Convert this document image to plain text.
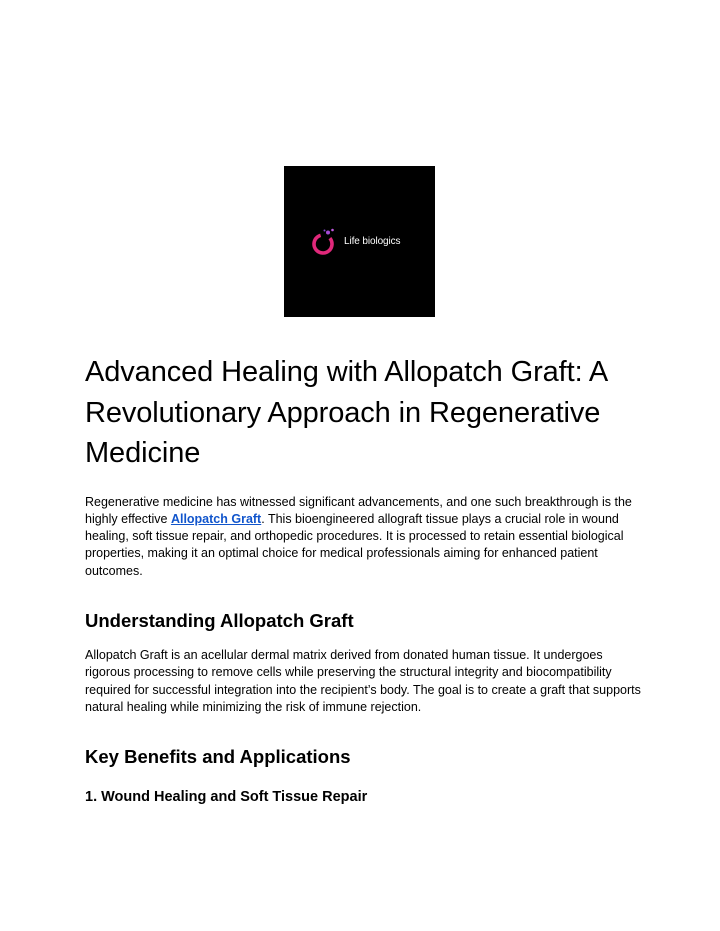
Life biologics
Advanced Healing with Allopatch Graft: A Revolutionary Approach in Regenerative Medicine

Regenerative medicine has witnessed significant advancements, and one such breakthrough is the highly effective Allopatch Graft. This bioengineered allograft tissue plays a crucial role in wound healing, soft tissue repair, and orthopedic procedures. It is processed to retain essential biological properties, making it an optimal choice for medical professionals aiming for enhanced patient outcomes.

Understanding Allopatch Graft

Allopatch Graft is an acellular dermal matrix derived from donated human tissue. It undergoes rigorous processing to remove cells while preserving the structural integrity and biocompatibility required for successful integration into the recipient’s body. The goal is to create a graft that supports natural healing while minimizing the risk of immune rejection.

Key Benefits and Applications
1. Wound Healing and Soft Tissue Repair
